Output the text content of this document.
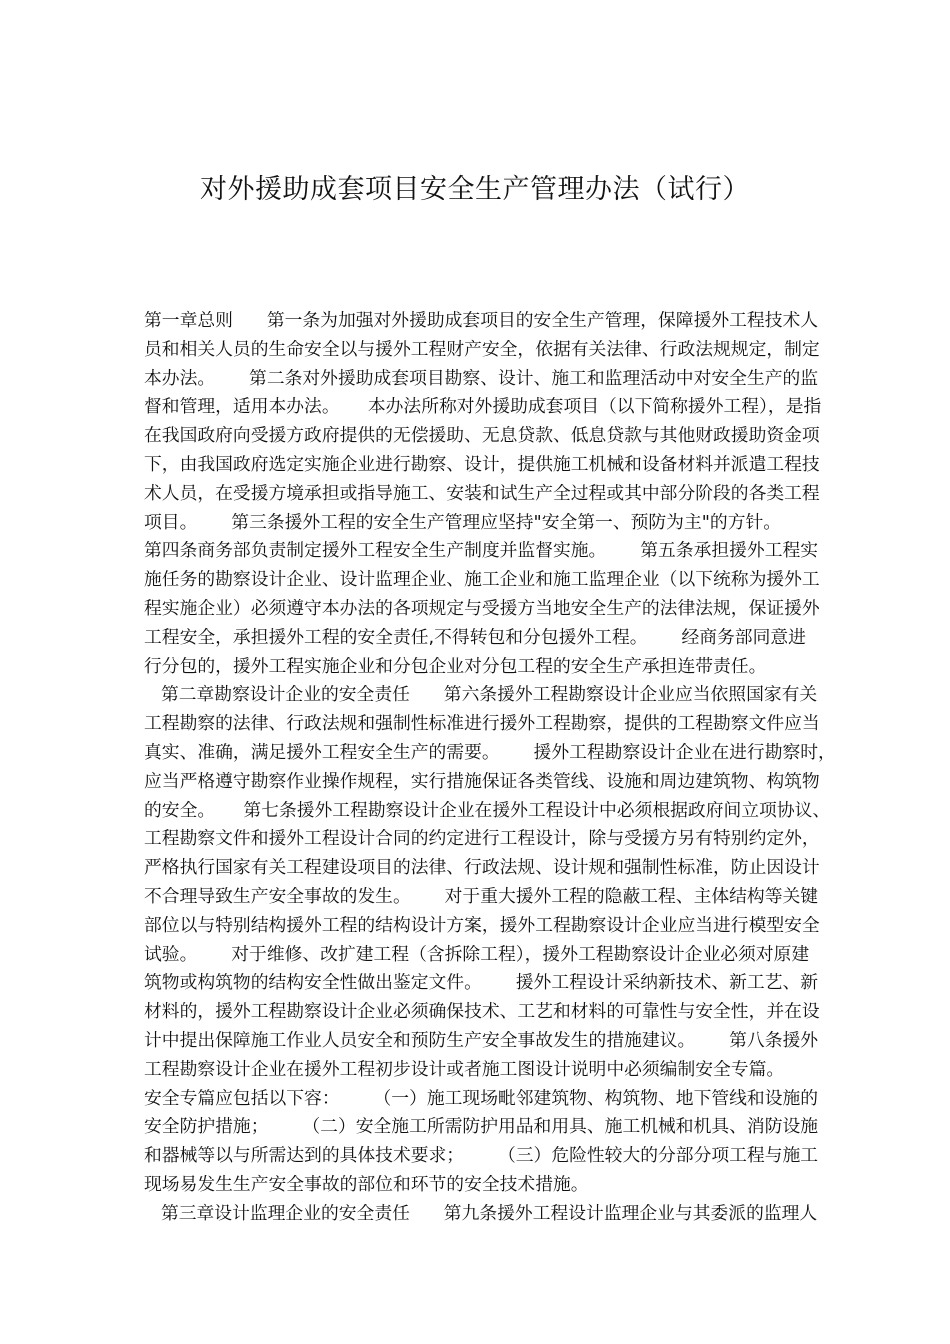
对外援助成套项目安全生产管理办法（试行）
第一章总则      第一条为加强对外援助成套项目的安全生产管理，保障援外工程技术人
员和相关人员的生命安全以与援外工程财产安全，依据有关法律、行政法规规定，制定
本办法。      第二条对外援助成套项目勘察、设计、施工和监理活动中对安全生产的监
督和管理，适用本办法。     本办法所称对外援助成套项目（以下简称援外工程），是指
在我国政府向受援方政府提供的无偿援助、无息贷款、低息贷款与其他财政援助资金项
下，由我国政府选定实施企业进行勘察、设计，提供施工机械和设备材料并派遣工程技
术人员，在受援方境承担或指导施工、安装和试生产全过程或其中部分阶段的各类工程
项目。      第三条援外工程的安全生产管理应坚持"安全第一、预防为主"的方针。
第四条商务部负责制定援外工程安全生产制度并监督实施。      第五条承担援外工程实
施任务的勘察设计企业、设计监理企业、施工企业和施工监理企业（以下统称为援外工
程实施企业）必须遵守本办法的各项规定与受援方当地安全生产的法律法规，保证援外
工程安全，承担援外工程的安全责任,不得转包和分包援外工程。      经商务部同意进
行分包的，援外工程实施企业和分包企业对分包工程的安全生产承担连带责任。
第二章勘察设计企业的安全责任      第六条援外工程勘察设计企业应当依照国家有关
工程勘察的法律、行政法规和强制性标准进行援外工程勘察，提供的工程勘察文件应当
真实、准确，满足援外工程安全生产的需要。      援外工程勘察设计企业在进行勘察时，
应当严格遵守勘察作业操作规程，实行措施保证各类管线、设施和周边建筑物、构筑物
的安全。     第七条援外工程勘察设计企业在援外工程设计中必须根据政府间立项协议、
工程勘察文件和援外工程设计合同的约定进行工程设计，除与受援方另有特别约定外，
严格执行国家有关工程建设项目的法律、行政法规、设计规和强制性标准，防止因设计
不合理导致生产安全事故的发生。      对于重大援外工程的隐蔽工程、主体结构等关键
部位以与特别结构援外工程的结构设计方案，援外工程勘察设计企业应当进行模型安全
试验。      对于维修、改扩建工程（含拆除工程），援外工程勘察设计企业必须对原建
筑物或构筑物的结构安全性做出鉴定文件。      援外工程设计采纳新技术、新工艺、新
材料的，援外工程勘察设计企业必须确保技术、工艺和材料的可靠性与安全性，并在设
计中提出保障施工作业人员安全和预防生产安全事故发生的措施建议。      第八条援外
工程勘察设计企业在援外工程初步设计或者施工图设计说明中必须编制安全专篇。
安全专篇应包括以下容：      （一）施工现场毗邻建筑物、构筑物、地下管线和设施的
安全防护措施；      （二）安全施工所需防护用品和用具、施工机械和机具、消防设施
和器械等以与所需达到的具体技术要求；      （三）危险性较大的分部分项工程与施工
现场易发生生产安全事故的部位和环节的安全技术措施。
第三章设计监理企业的安全责任      第九条援外工程设计监理企业与其委派的监理人
